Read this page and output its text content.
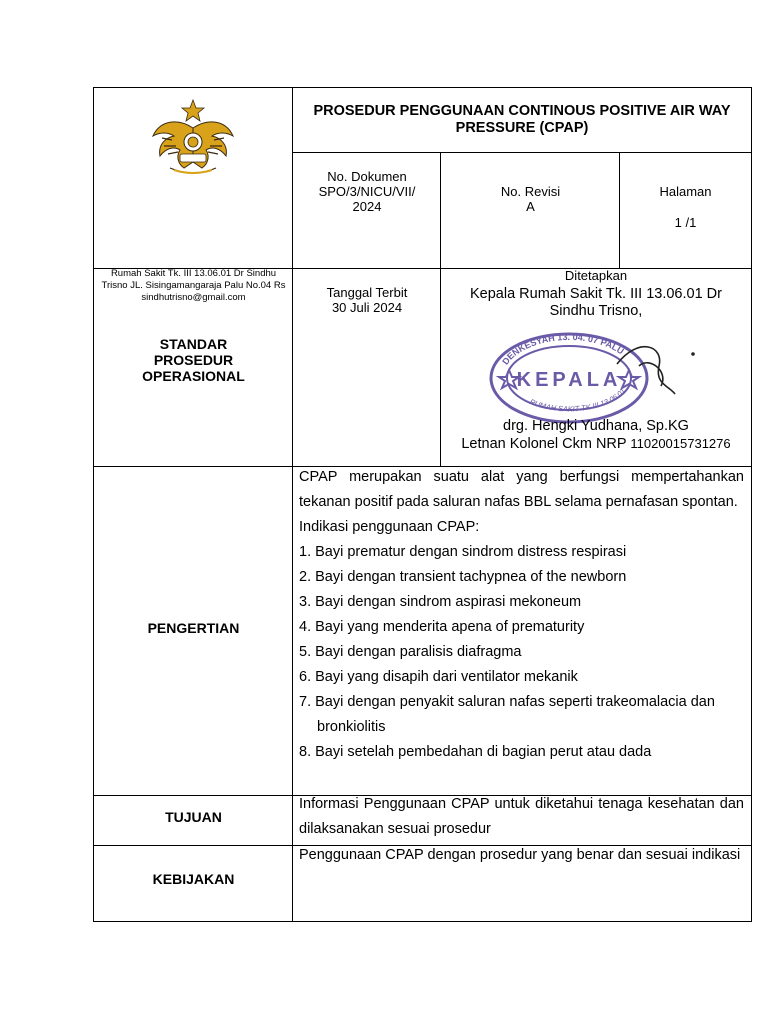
Rumah Sakit Tk. III 13.06.01 Dr Sindhu Trisno JL. Sisingamangaraja Palu No.04 Rs sindhutrisno@gmail.com
PROSEDUR PENGGUNAAN CONTINOUS POSITIVE AIR WAY PRESSURE (CPAP)
No. Dokumen
SPO/3/NICU/VII/ 2024
No. Revisi
A
Halaman
1 /1
STANDAR PROSEDUR OPERASIONAL
Tanggal Terbit
30 Juli 2024
Ditetapkan
Kepala Rumah Sakit Tk. III 13.06.01 Dr Sindhu Trisno,
DENKESYAH 13. 04. 07 PALU
KEPALA
RUMAH SAKIT TK III 13.06.01
drg. Hengki Yudhana, Sp.KG
Letnan Kolonel Ckm NRP 11020015731276
PENGERTIAN

CPAP merupakan suatu alat yang berfungsi mempertahankan tekanan positif pada saluran nafas BBL selama pernafasan spontan.

Indikasi penggunaan CPAP:

1. Bayi prematur dengan sindrom distress respirasi
2. Bayi dengan transient tachypnea of the newborn
3. Bayi dengan sindrom aspirasi mekoneum
4. Bayi yang menderita apena of prematurity
5. Bayi dengan paralisis diafragma
6. Bayi yang disapih dari ventilator mekanik
7. Bayi dengan penyakit saluran nafas seperti trakeomalacia dan
bronkiolitis
8. Bayi setelah pembedahan di bagian perut atau dada
TUJUAN

Informasi Penggunaan CPAP untuk diketahui tenaga kesehatan dan dilaksanakan sesuai prosedur

KEBIJAKAN

Penggunaan CPAP dengan prosedur yang benar dan sesuai indikasi
